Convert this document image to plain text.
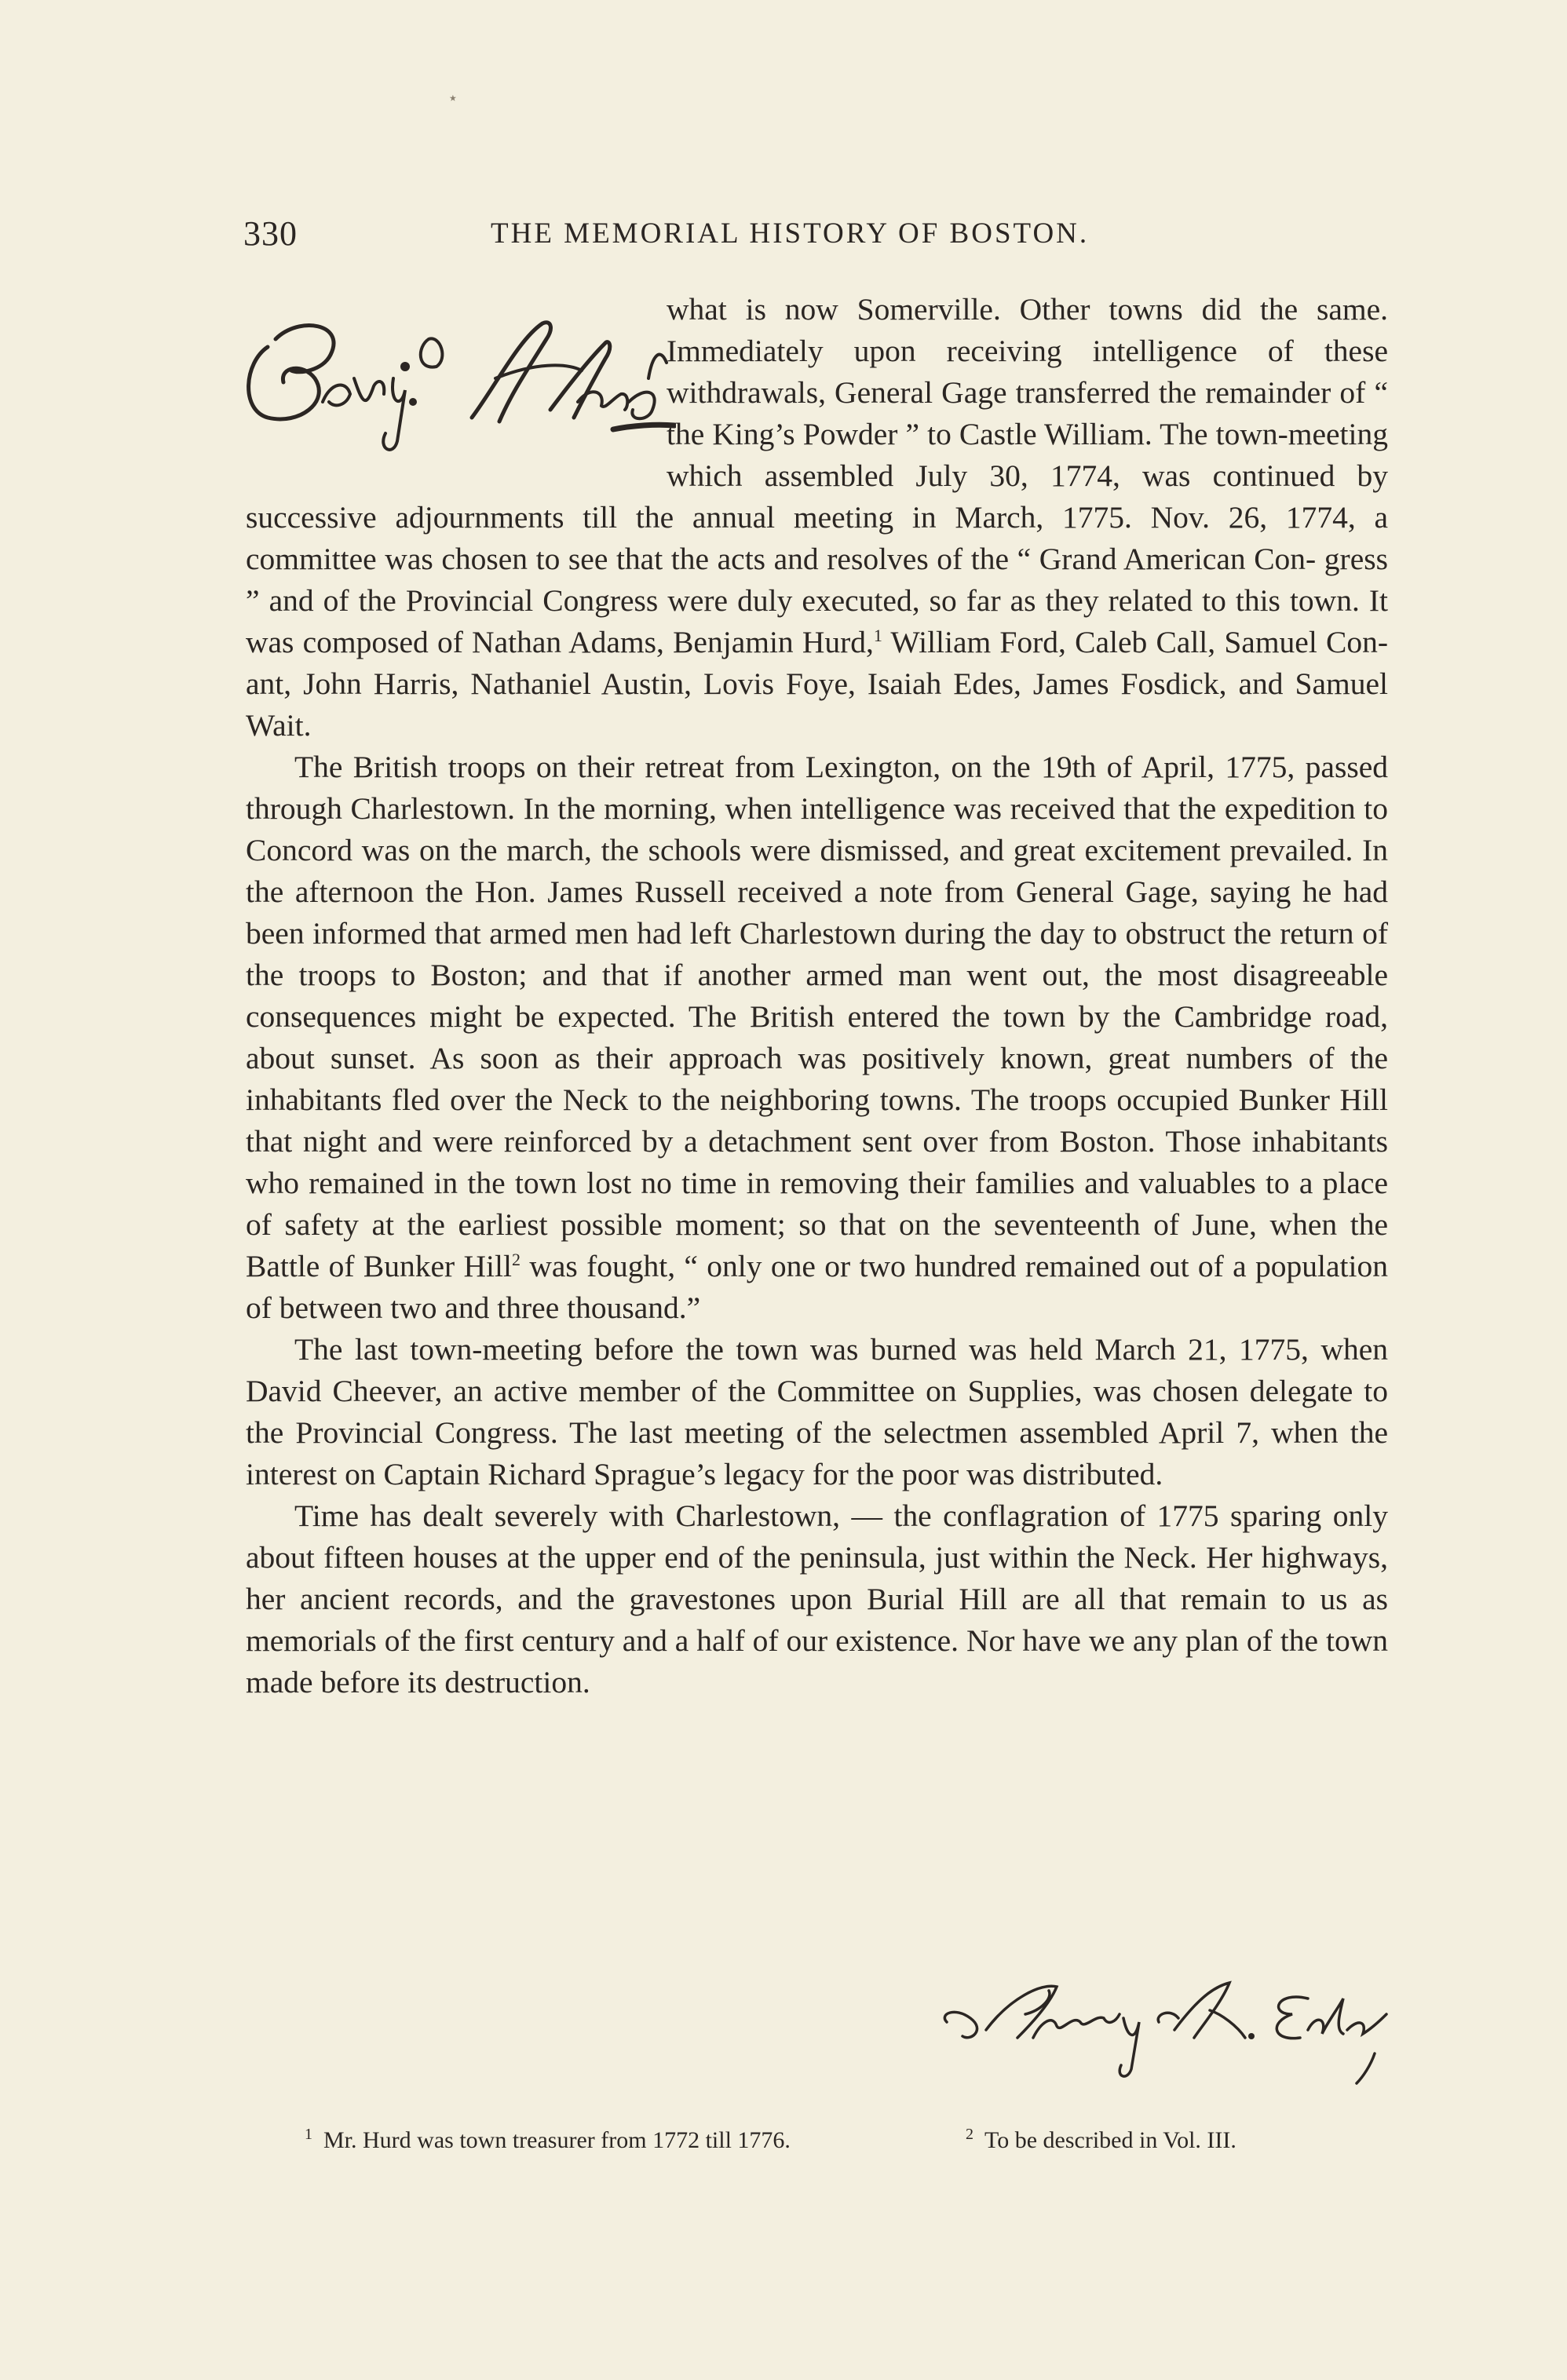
⋆
330	THE MEMORIAL HISTORY OF BOSTON.

what is now Somerville. Other towns did the same. Immediately upon receiving intelligence of these withdrawals, General Gage transferred the remainder of “ the King’s Powder ” to Castle William. The town-meeting which assembled July 30, 1774, was continued by successive adjournments till the annual meeting in March, 1775. Nov. 26, 1774, a committee was chosen to see that the acts and resolves of the “ Grand American Con- gress ” and of the Provincial Congress were duly executed, so far as they related to this town. It was composed of Nathan Adams, Benjamin Hurd,$^1$ William Ford, Caleb Call, Samuel Con- ant, John Harris, Nathaniel Austin, Lovis Foye, Isaiah Edes, James Fosdick, and Samuel Wait.

The British troops on their retreat from Lexington, on the 19th of April, 1775, passed through Charlestown. In the morning, when intelligence was received that the expedition to Concord was on the march, the schools were dismissed, and great excitement prevailed. In the afternoon the Hon. James Russell received a note from General Gage, saying he had been informed that armed men had left Charlestown during the day to obstruct the return of the troops to Boston; and that if another armed man went out, the most disagreeable consequences might be expected. The British entered the town by the Cambridge road, about sunset. As soon as their approach was positively known, great numbers of the inhabitants fled over the Neck to the neighboring towns. The troops occupied Bunker Hill that night and were reinforced by a detachment sent over from Boston. Those inhabitants who remained in the town lost no time in removing their families and valuables to a place of safety at the earliest possible moment; so that on the seventeenth of June, when the Battle of Bunker Hill$^2$ was fought, “ only one or two hundred remained out of a population of between two and three thousand.”

The last town-meeting before the town was burned was held March 21, 1775, when David Cheever, an active member of the Committee on Supplies, was chosen delegate to the Provincial Congress. The last meeting of the selectmen assembled April 7, when the interest on Captain Richard Sprague’s legacy for the poor was distributed.

Time has dealt severely with Charlestown, — the conflagration of 1775 sparing only about fifteen houses at the upper end of the peninsula, just within the Neck. Her highways, her ancient records, and the gravestones upon Burial Hill are all that remain to us as memorials of the first century and a half of our existence. Nor have we any plan of the town made before its destruction.

$^1$ Mr. Hurd was town treasurer from 1772 till 1776.	$^2$ To be described in Vol. III.
